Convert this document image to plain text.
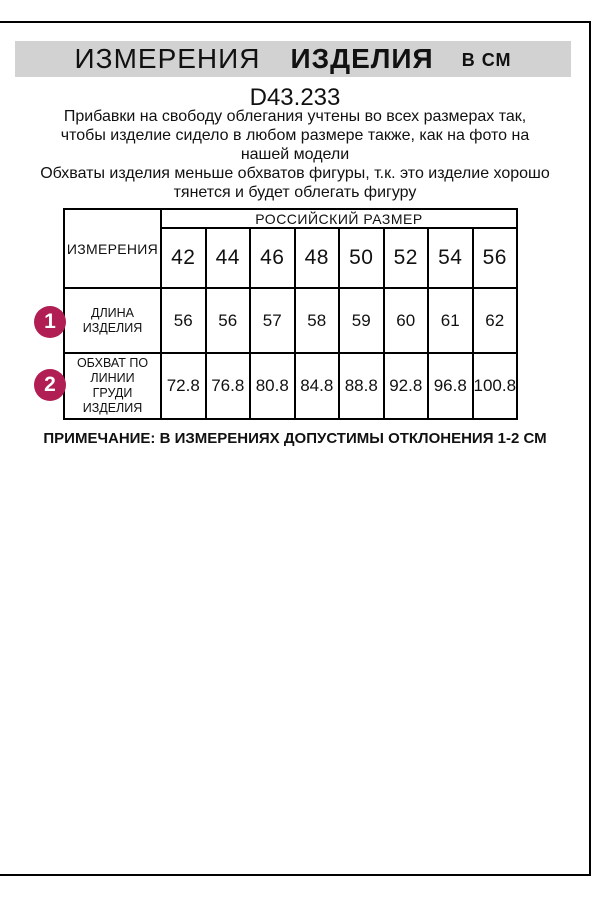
ИЗМЕРЕНИЯ ИЗДЕЛИЯ В СМ
D43.233

Прибавки на свободу облегания учтены во всех размерах так, чтобы изделие сидело в любом размере также, как на фото на нашей модели

Обхваты изделия меньше обхватов фигуры, т.к. это изделие хорошо тянется и будет облегать фигуру

ИЗМЕРЕНИЯ	РОССИЙСКИЙ РАЗМЕР							
	42	44	46	48	50	52	54	56
ДЛИНА ИЗДЕЛИЯ	56	56	57	58	59	60	61	62
ОБХВАТ ПО ЛИНИИ ГРУДИ ИЗДЕЛИЯ	72.8	76.8	80.8	84.8	88.8	92.8	96.8	100.8
1
2
ПРИМЕЧАНИЕ: В ИЗМЕРЕНИЯХ ДОПУСТИМЫ ОТКЛОНЕНИЯ 1-2 СМ
